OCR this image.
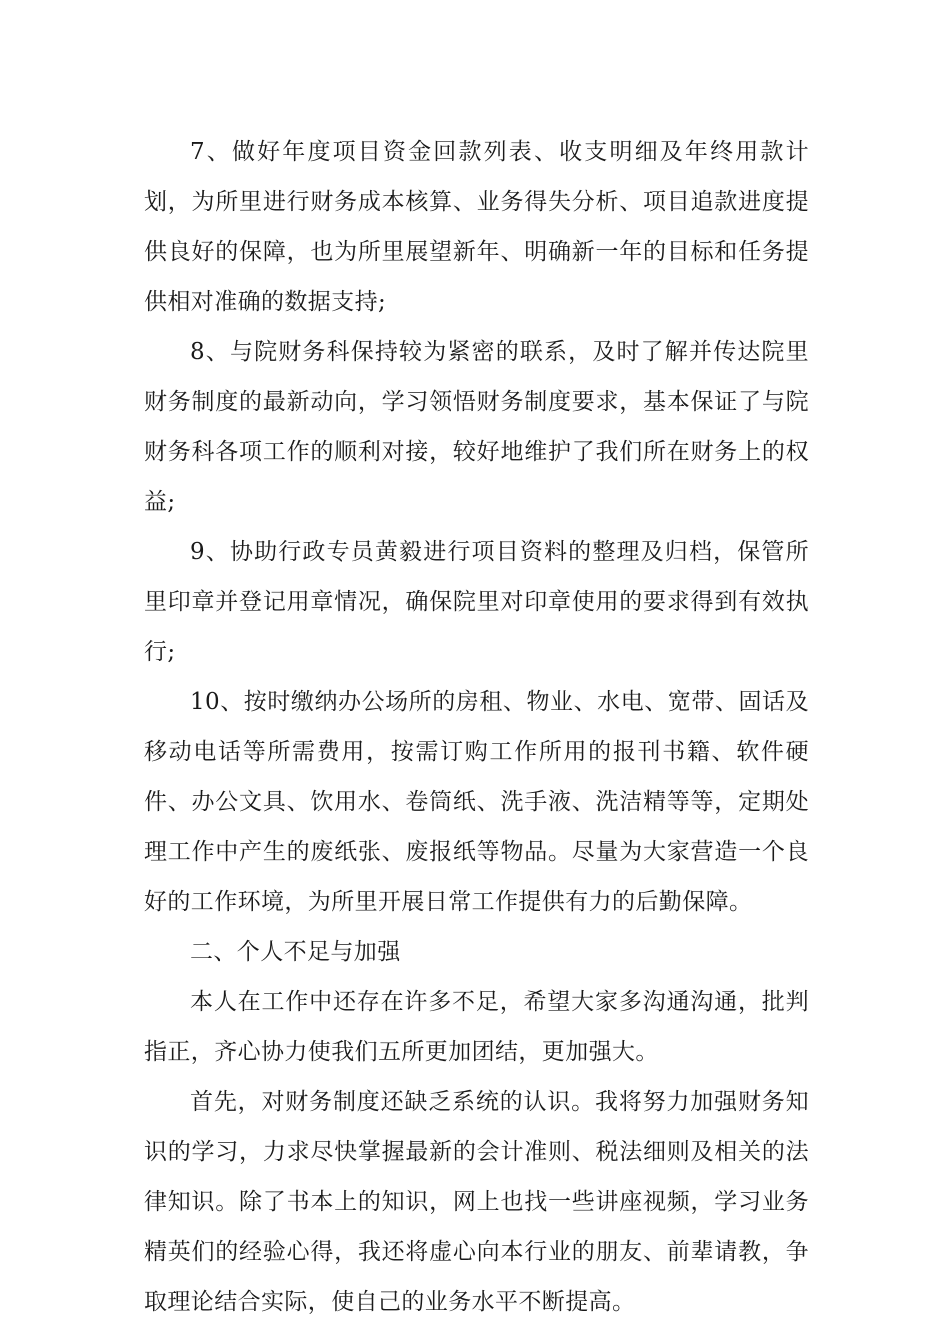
7、做好年度项目资金回款列表、收支明细及年终用款计划，为所里进行财务成本核算、业务得失分析、项目追款进度提供良好的保障，也为所里展望新年、明确新一年的目标和任务提供相对准确的数据支持;

8、与院财务科保持较为紧密的联系，及时了解并传达院里财务制度的最新动向，学习领悟财务制度要求，基本保证了与院财务科各项工作的顺利对接，较好地维护了我们所在财务上的权益;

9、协助行政专员黄毅进行项目资料的整理及归档，保管所里印章并登记用章情况，确保院里对印章使用的要求得到有效执行;

10、按时缴纳办公场所的房租、物业、水电、宽带、固话及移动电话等所需费用，按需订购工作所用的报刊书籍、软件硬件、办公文具、饮用水、卷筒纸、洗手液、洗洁精等等，定期处理工作中产生的废纸张、废报纸等物品。尽量为大家营造一个良好的工作环境，为所里开展日常工作提供有力的后勤保障。

二、个人不足与加强

本人在工作中还存在许多不足，希望大家多沟通沟通，批判指正，齐心协力使我们五所更加团结，更加强大。

首先，对财务制度还缺乏系统的认识。我将努力加强财务知识的学习，力求尽快掌握最新的会计准则、税法细则及相关的法律知识。除了书本上的知识，网上也找一些讲座视频，学习业务精英们的经验心得，我还将虚心向本行业的朋友、前辈请教，争取理论结合实际，使自己的业务水平不断提高。
